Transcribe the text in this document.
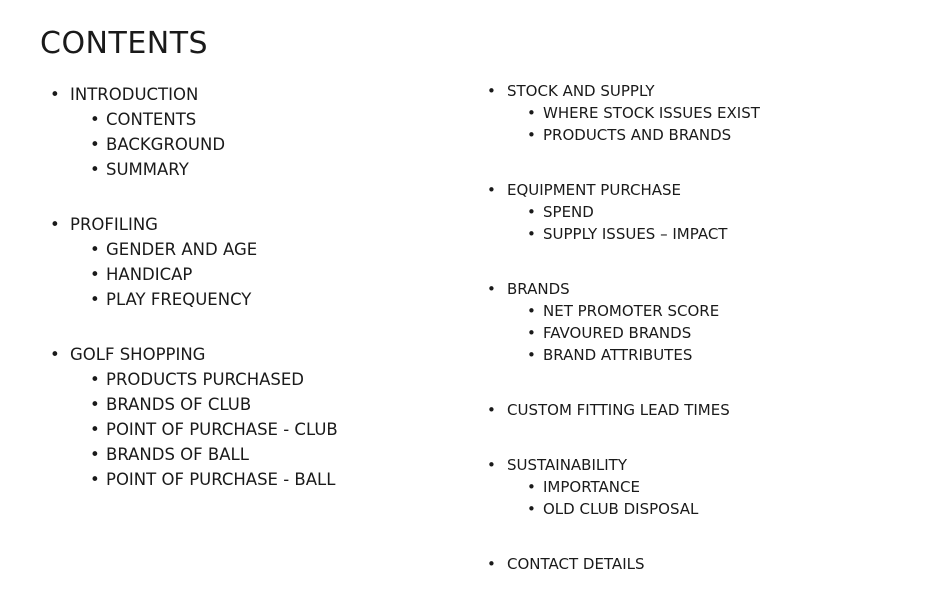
CONTENTS
• INTRODUCTION
• CONTENTS
• BACKGROUND
• SUMMARY
• PROFILING
• GENDER AND AGE
• HANDICAP
• PLAY FREQUENCY
• GOLF SHOPPING
• PRODUCTS PURCHASED
• BRANDS OF CLUB
• POINT OF PURCHASE - CLUB
• BRANDS OF BALL
• POINT OF PURCHASE - BALL
• STOCK AND SUPPLY
• WHERE STOCK ISSUES EXIST
• PRODUCTS AND BRANDS
• EQUIPMENT PURCHASE
• SPEND
• SUPPLY ISSUES – IMPACT
• BRANDS
• NET PROMOTER SCORE
• FAVOURED BRANDS
• BRAND ATTRIBUTES
• CUSTOM FITTING LEAD TIMES
• SUSTAINABILITY
• IMPORTANCE
• OLD CLUB DISPOSAL
• CONTACT DETAILS
